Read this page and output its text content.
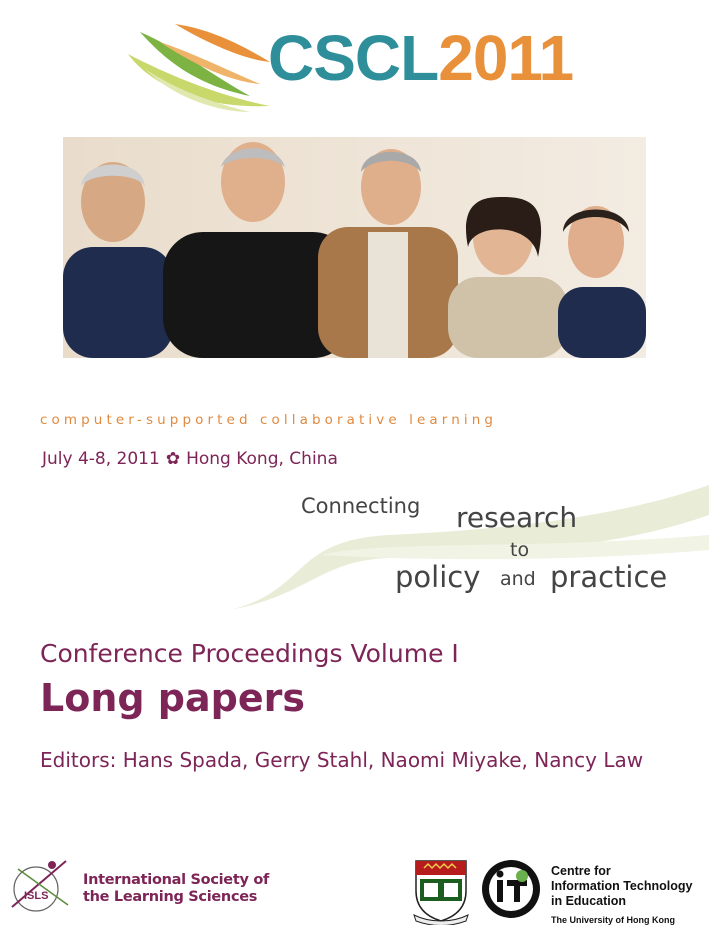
CSCL2011
computer-supported collaborative learning
July 4-8, 2011 ✿ Hong Kong, China
Connecting research
to
policy and practice
Conference Proceedings Volume I
Long papers
Editors: Hans Spada, Gerry Stahl, Naomi Miyake, Nancy Law
ISLS
International Society of
the Learning Sciences
Centre for
Information Technology
in Education
The University of Hong Kong
